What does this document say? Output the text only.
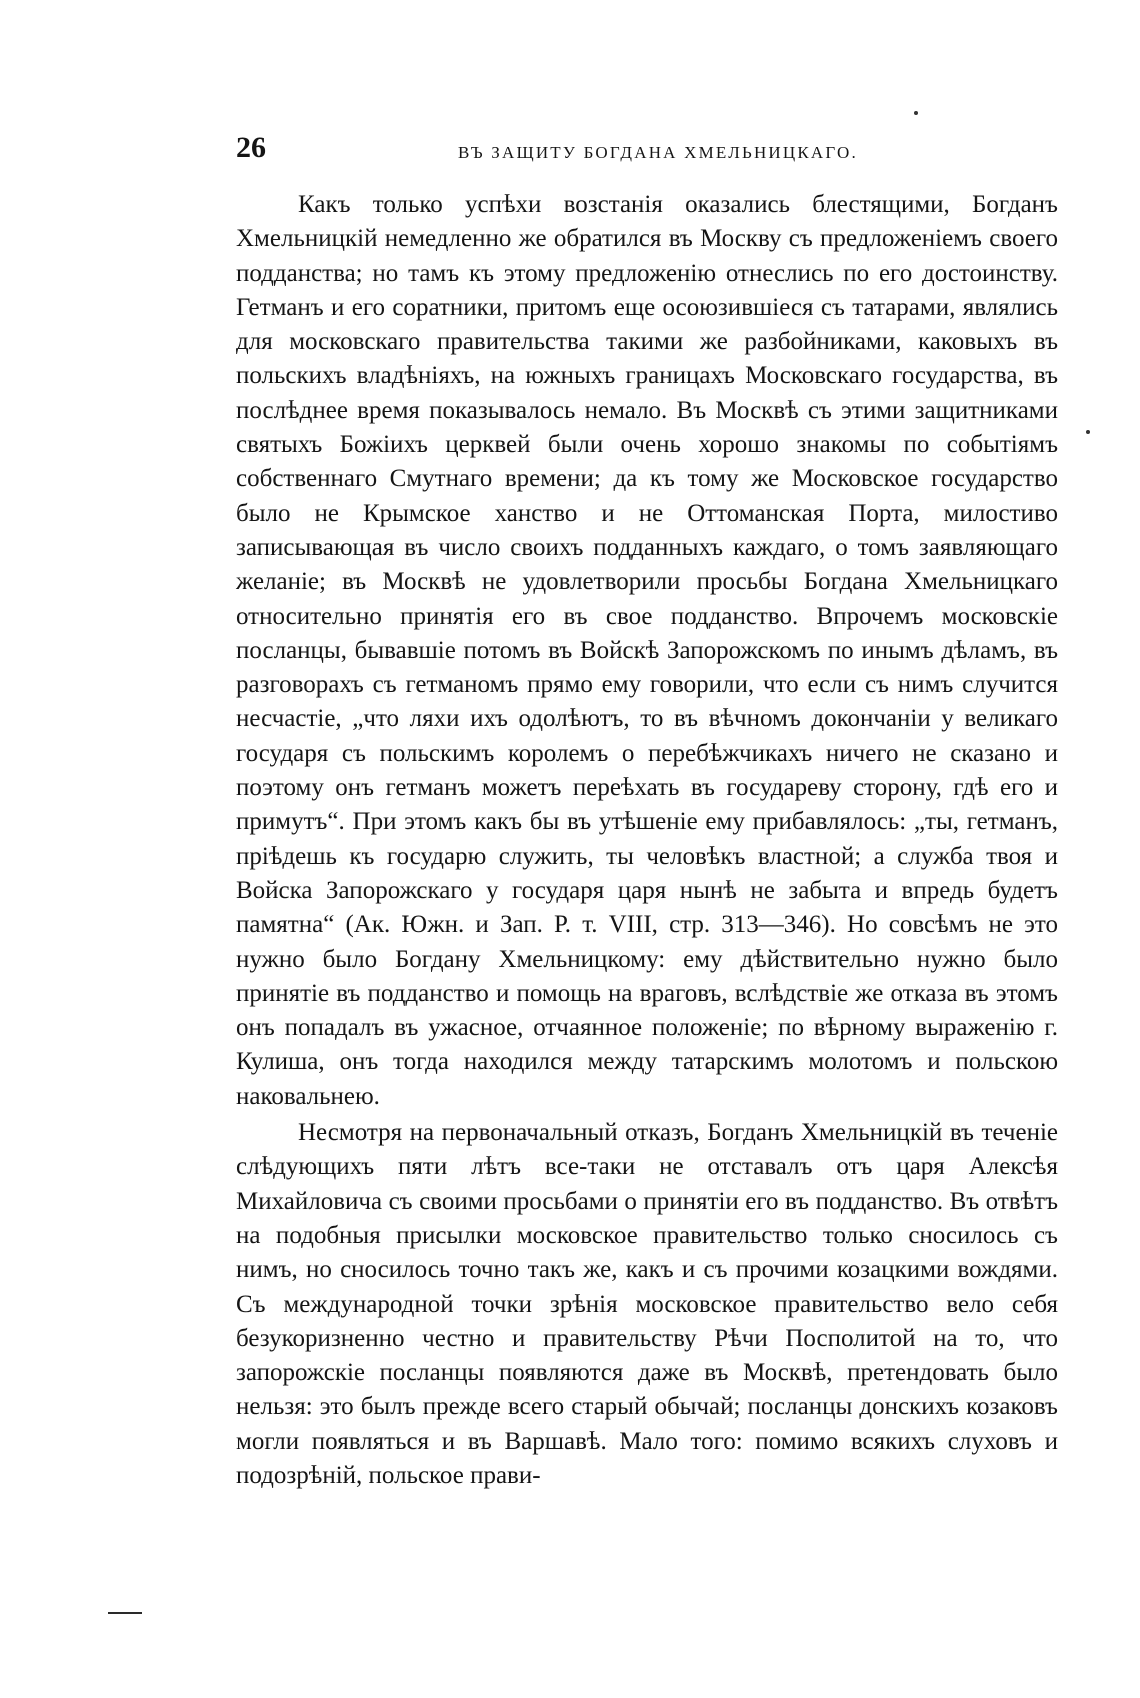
26	ВЪ ЗАЩИТУ БОГДАНА ХМЕЛЬНИЦКАГО.

Какъ только успѣхи возстанія оказались блестящими, Богданъ Хмельницкій немедленно же обратился въ Москву съ предложеніемъ своего подданства; но тамъ къ этому предложенію отнеслись по его достоинству. Гетманъ и его соратники, притомъ еще осоюзившіеся съ татарами, являлись для московскаго правительства такими же разбойниками, каковыхъ въ польскихъ владѣніяхъ, на южныхъ границахъ Московскаго государства, въ послѣднее время показывалось немало. Въ Москвѣ съ этими защитниками святыхъ Божіихъ церквей были очень хорошо знакомы по событіямъ собственнаго Смутнаго времени; да къ тому же Московское государство было не Крымское ханство и не Оттоманская Порта, милостиво записывающая въ число своихъ подданныхъ каждаго, о томъ заявляющаго желаніе; въ Москвѣ не удовлетворили просьбы Богдана Хмельницкаго относительно принятія его въ свое подданство. Впрочемъ московскіе посланцы, бывавшіе потомъ въ Войскѣ Запорожскомъ по инымъ дѣламъ, въ разговорахъ съ гетманомъ прямо ему говорили, что если съ нимъ случится несчастіе, „что ляхи ихъ одолѣютъ, то въ вѣчномъ докончаніи у великаго государя съ польскимъ королемъ о перебѣжчикахъ ничего не сказано и поэтому онъ гетманъ можетъ переѣхать въ государеву сторону, гдѣ его и примутъ“. При этомъ какъ бы въ утѣшеніе ему прибавлялось: „ты, гетманъ, пріѣдешь къ государю служить, ты человѣкъ властной; а служба твоя и Войска Запорожскаго у государя царя нынѣ не забыта и впредь будетъ памятна“ (Ак. Южн. и Зап. Р. т. VIII, стр. 313—346). Но совсѣмъ не это нужно было Богдану Хмельницкому: ему дѣйствительно нужно было принятіе въ подданство и помощь на враговъ, вслѣдствіе же отказа въ этомъ онъ попадалъ въ ужасное, отчаянное положеніе; по вѣрному выраженію г. Кулиша, онъ тогда находился между татарскимъ молотомъ и польскою наковальнею.

Несмотря на первоначальный отказъ, Богданъ Хмельницкій въ теченіе слѣдующихъ пяти лѣтъ все-таки не отставалъ отъ царя Алексѣя Михайловича съ своими просьбами о принятіи его въ подданство. Въ отвѣтъ на подобныя присылки московское правительство только сносилось съ нимъ, но сносилось точно такъ же, какъ и съ прочими козацкими вождями. Съ международной точки зрѣнія московское правительство вело себя безукоризненно честно и правительству Рѣчи Посполитой на то, что запорожскіе посланцы появляются даже въ Москвѣ, претендовать было нельзя: это былъ прежде всего старый обычай; посланцы донскихъ козаковъ могли появляться и въ Варшавѣ. Мало того: помимо всякихъ слуховъ и подозрѣній, польское прави-
